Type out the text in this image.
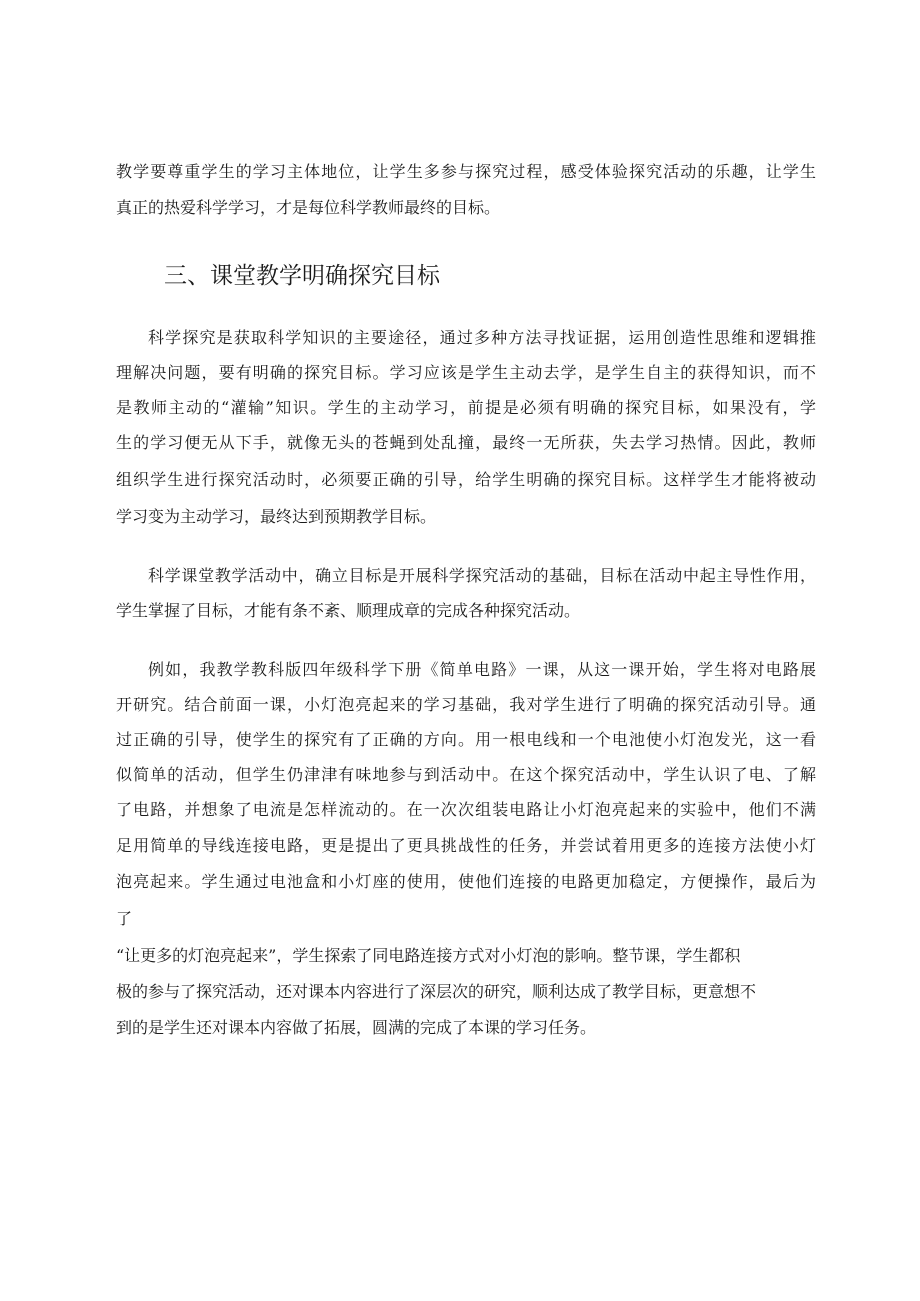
教学要尊重学生的学习主体地位，让学生多参与探究过程，感受体验探究活动的乐趣，让学生
真正的热爱科学学习，才是每位科学教师最终的目标。
三、课堂教学明确探究目标
科学探究是获取科学知识的主要途径，通过多种方法寻找证据，运用创造性思维和逻辑推
理解决问题，要有明确的探究目标。学习应该是学生主动去学，是学生自主的获得知识，而不
是教师主动的“灌输”知识。学生的主动学习，前提是必须有明确的探究目标，如果没有，学
生的学习便无从下手，就像无头的苍蝇到处乱撞，最终一无所获，失去学习热情。因此，教师
组织学生进行探究活动时，必须要正确的引导，给学生明确的探究目标。这样学生才能将被动
学习变为主动学习，最终达到预期教学目标。
科学课堂教学活动中，确立目标是开展科学探究活动的基础，目标在活动中起主导性作用，
学生掌握了目标，才能有条不紊、顺理成章的完成各种探究活动。
例如，我教学教科版四年级科学下册《简单电路》一课，从这一课开始，学生将对电路展
开研究。结合前面一课，小灯泡亮起来的学习基础，我对学生进行了明确的探究活动引导。通
过正确的引导，使学生的探究有了正确的方向。用一根电线和一个电池使小灯泡发光，这一看
似简单的活动，但学生仍津津有味地参与到活动中。在这个探究活动中，学生认识了电、了解
了电路，并想象了电流是怎样流动的。在一次次组装电路让小灯泡亮起来的实验中，他们不满
足用简单的导线连接电路，更是提出了更具挑战性的任务，并尝试着用更多的连接方法使小灯
泡亮起来。学生通过电池盒和小灯座的使用，使他们连接的电路更加稳定，方便操作，最后为
了
“让更多的灯泡亮起来”，学生探索了同电路连接方式对小灯泡的影响。整节课，学生都积
极的参与了探究活动，还对课本内容进行了深层次的研究，顺利达成了教学目标，更意想不
到的是学生还对课本内容做了拓展，圆满的完成了本课的学习任务。
